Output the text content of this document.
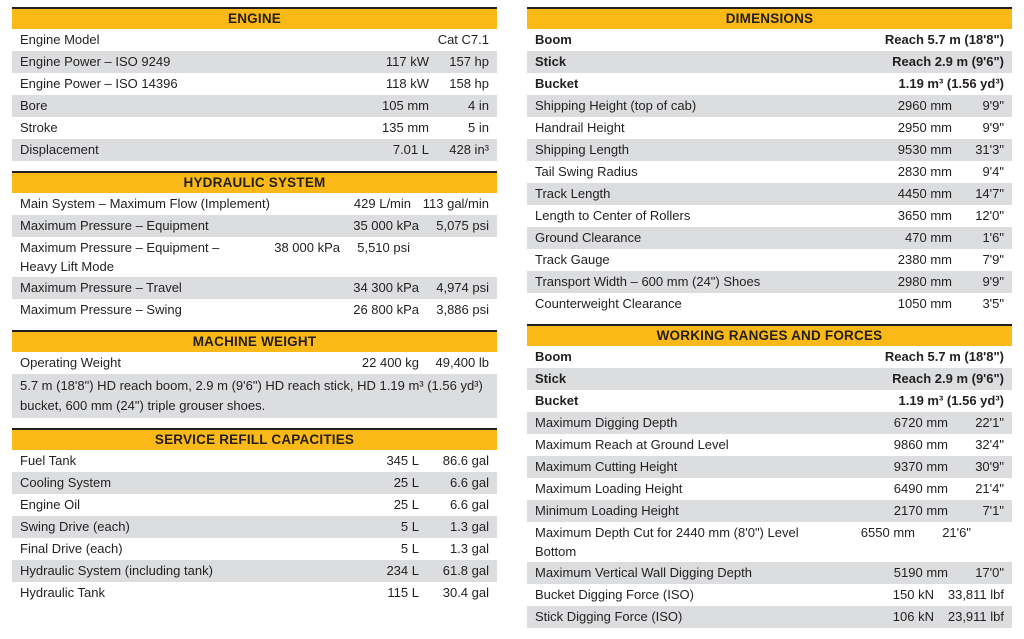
ENGINE
Engine Model	Cat C7.1
Engine Power – ISO 9249	117 kW	157 hp
Engine Power – ISO 14396	118 kW	158 hp
Bore	105 mm	4 in
Stroke	135 mm	5 in
Displacement	7.01 L	428 in³
HYDRAULIC SYSTEM
Main System – Maximum Flow (Implement)	429 L/min 113 gal/min
Maximum Pressure – Equipment	35 000 kPa	5,075 psi
Maximum Pressure – Equipment – Heavy Lift Mode
38 000 kPa	5,510 psi
Maximum Pressure – Travel	34 300 kPa	4,974 psi
Maximum Pressure – Swing	26 800 kPa	3,886 psi
MACHINE WEIGHT
Operating Weight	22 400 kg	49,400 lb
5.7 m (18'8") HD reach boom, 2.9 m (9'6") HD reach stick, HD 1.19 m³ (1.56 yd³) bucket, 600 mm (24") triple grouser shoes.
SERVICE REFILL CAPACITIES
Fuel Tank	345 L	86.6 gal
Cooling System	25 L	6.6 gal
Engine Oil	25 L	6.6 gal
Swing Drive (each)	5 L	1.3 gal
Final Drive (each)	5 L	1.3 gal
Hydraulic System (including tank)	234 L	61.8 gal
Hydraulic Tank	115 L	30.4 gal
DIMENSIONS
Boom	Reach 5.7 m (18'8")
Stick	Reach 2.9 m (9'6")
Bucket	1.19 m³ (1.56 yd³)
Shipping Height (top of cab)	2960 mm	9'9"
Handrail Height	2950 mm	9'9"
Shipping Length	9530 mm	31'3"
Tail Swing Radius	2830 mm	9'4"
Track Length	4450 mm	14'7"
Length to Center of Rollers	3650 mm	12'0"
Ground Clearance	470 mm	1'6"
Track Gauge	2380 mm	7'9"
Transport Width – 600 mm (24") Shoes	2980 mm	9'9"
Counterweight Clearance	1050 mm	3'5"
WORKING RANGES AND FORCES
Boom	Reach 5.7 m (18'8")
Stick	Reach 2.9 m (9'6")
Bucket	1.19 m³ (1.56 yd³)
Maximum Digging Depth	6720 mm	22'1"
Maximum Reach at Ground Level	9860 mm	32'4"
Maximum Cutting Height	9370 mm	30'9"
Maximum Loading Height	6490 mm	21'4"
Minimum Loading Height	2170 mm	7'1"
Maximum Depth Cut for 2440 mm (8'0") Level Bottom
6550 mm	21'6"
Maximum Vertical Wall Digging Depth	5190 mm	17'0"
Bucket Digging Force (ISO)	150 kN	33,811 lbf
Stick Digging Force (ISO)	106 kN	23,911 lbf
